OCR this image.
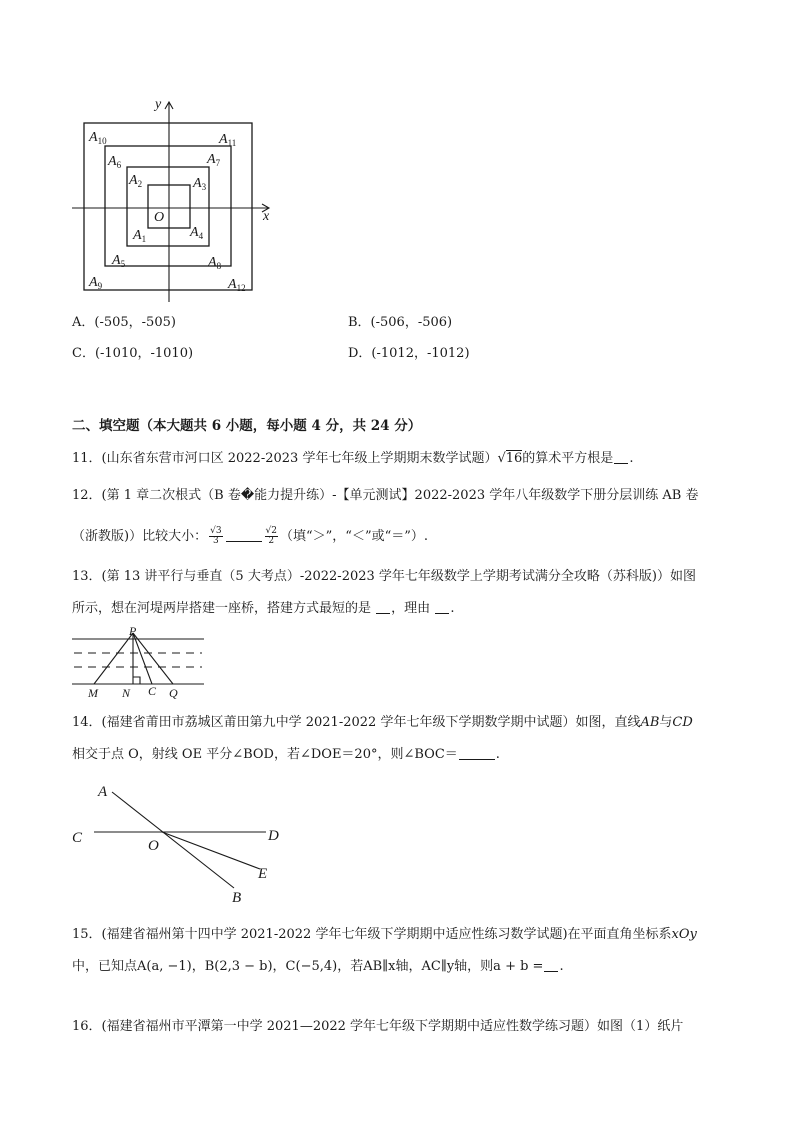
x
y
O
$A_{10}$	$A_{11}$
$A_6$	$A_7$
$A_2$	$A_3$
$A_1$	$A_4$
$A_5$	$A_8$
$A_9$	$A_{12}$
A．(-505，-505)	B．(-506，-506)
C．(-1010，-1010)	D．(-1012，-1012)
二、填空题（本大题共 6 小题，每小题 4 分，共 24 分）
11．(山东省东营市河口区 2022-2023 学年七年级上学期期末数学试题）√16的算术平方根是 .
12．(第 1 章二次根式（B 卷�能力提升练）-【单元测试】2022-2023 学年八年级数学下册分层训练 AB 卷
（浙教版)）比较大小： $\frac{√3}{3}$	$\frac{√2}{2}$ （填“＞”，“＜”或“＝”）.
13．(第 13 讲平行与垂直（5 大考点）-2022-2023 学年七年级数学上学期考试满分全攻略（苏科版)）如图
所示，想在河堤两岸搭建一座桥，搭建方式最短的是 ，理由 .
P
M N C Q
14．(福建省莆田市荔城区莆田第九中学 2021-2022 学年七年级下学期数学期中试题）如图，直线AB与CD
相交于点 O，射线 OE 平分∠BOD，若∠DOE＝20°，则∠BOC＝	.
A
C	D
O
E
B
15．(福建省福州第十四中学 2021-2022 学年七年级下学期期中适应性练习数学试题)在平面直角坐标系xOy
中，已知点A(a, −1)，B(2,3 − b)，C(−5,4)，若AB∥x轴，AC∥y轴，则a + b = .
16．(福建省福州市平潭第一中学 2021—2022 学年七年级下学期期中适应性数学练习题）如图（1）纸片
